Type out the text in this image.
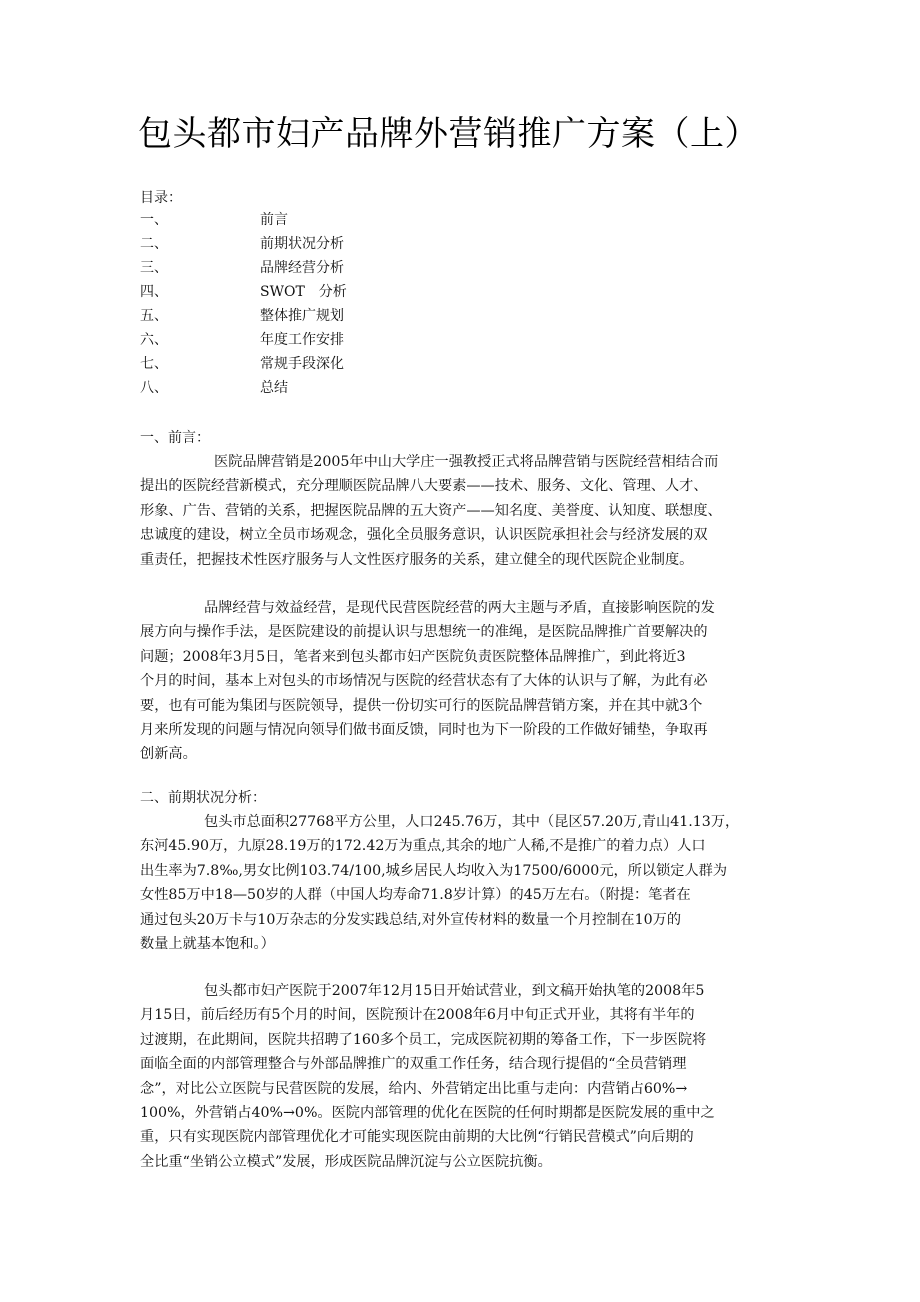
包头都市妇产品牌外营销推广方案（上）
目录：
一、	前言
二、	前期状况分析
三、	品牌经营分析
四、	SWOT　分析
五、	整体推广规划
六、	年度工作安排
七、	常规手段深化
八、	总结
一、前言：
医院品牌营销是2005年中山大学庄一强教授正式将品牌营销与医院经营相结合而
提出的医院经营新模式，充分理顺医院品牌八大要素——技术、服务、文化、管理、人才、
形象、广告、营销的关系，把握医院品牌的五大资产——知名度、美誉度、认知度、联想度、
忠诚度的建设，树立全员市场观念，强化全员服务意识，认识医院承担社会与经济发展的双
重责任，把握技术性医疗服务与人文性医疗服务的关系，建立健全的现代医院企业制度。
品牌经营与效益经营，是现代民营医院经营的两大主题与矛盾，直接影响医院的发
展方向与操作手法，是医院建设的前提认识与思想统一的准绳，是医院品牌推广首要解决的
问题；2008年3月5日，笔者来到包头都市妇产医院负责医院整体品牌推广，到此将近3
个月的时间，基本上对包头的市场情况与医院的经营状态有了大体的认识与了解，为此有必
要，也有可能为集团与医院领导，提供一份切实可行的医院品牌营销方案，并在其中就3个
月来所发现的问题与情况向领导们做书面反馈，同时也为下一阶段的工作做好铺垫，争取再
创新高。
二、前期状况分析：
包头市总面积27768平方公里，人口245.76万，其中（昆区57.20万,青山41.13万，
东河45.90万，九原28.19万的172.42万为重点,其余的地广人稀,不是推广的着力点）人口
出生率为7.8‰,男女比例103.74/100,城乡居民人均收入为17500/6000元，所以锁定人群为
女性85万中18—50岁的人群（中国人均寿命71.8岁计算）的45万左右。（附提：笔者在
通过包头20万卡与10万杂志的分发实践总结,对外宣传材料的数量一个月控制在10万的
数量上就基本饱和。）
包头都市妇产医院于2007年12月15日开始试营业，到文稿开始执笔的2008年5
月15日，前后经历有5个月的时间，医院预计在2008年6月中旬正式开业，其将有半年的
过渡期，在此期间，医院共招聘了160多个员工，完成医院初期的筹备工作，下一步医院将
面临全面的内部管理整合与外部品牌推广的双重工作任务，结合现行提倡的“全员营销理
念”，对比公立医院与民营医院的发展，给内、外营销定出比重与走向：内营销占60%→
100%，外营销占40%→0%。医院内部管理的优化在医院的任何时期都是医院发展的重中之
重，只有实现医院内部管理优化才可能实现医院由前期的大比例“行销民营模式”向后期的
全比重“坐销公立模式”发展，形成医院品牌沉淀与公立医院抗衡。
